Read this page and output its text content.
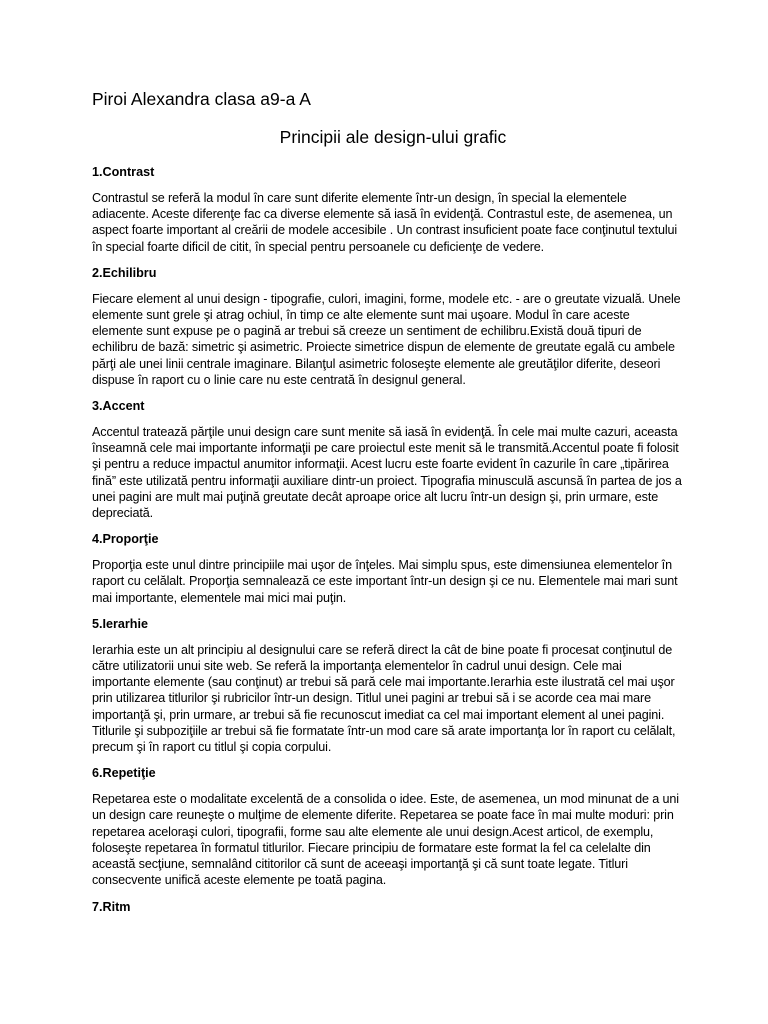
Piroi Alexandra clasa a9-a A
Principii ale design-ului grafic
1.Contrast
Contrastul se referă la modul în care sunt diferite elemente într-un design, în special la elementele adiacente. Aceste diferenţe fac ca diverse elemente să iasă în evidenţă. Contrastul este, de asemenea, un aspect foarte important al creării de modele accesibile . Un contrast insuficient poate face conţinutul textului în special foarte dificil de citit, în special pentru persoanele cu deficienţe de vedere.
2.Echilibru
Fiecare element al unui design - tipografie, culori, imagini, forme, modele etc. - are o greutate vizuală. Unele elemente sunt grele şi atrag ochiul, în timp ce alte elemente sunt mai uşoare. Modul în care aceste elemente sunt expuse pe o pagină ar trebui să creeze un sentiment de echilibru.Există două tipuri de echilibru de bază: simetric şi asimetric. Proiecte simetrice dispun de elemente de greutate egală cu ambele părţi ale unei linii centrale imaginare. Bilanţul asimetric foloseşte elemente ale greutăţilor diferite, deseori dispuse în raport cu o linie care nu este centrată în designul general.
3.Accent
Accentul tratează părţile unui design care sunt menite să iasă în evidenţă. În cele mai multe cazuri, aceasta înseamnă cele mai importante informaţii pe care proiectul este menit să le transmită.Accentul poate fi folosit şi pentru a reduce impactul anumitor informaţii. Acest lucru este foarte evident în cazurile în care „tipărirea fină” este utilizată pentru informaţii auxiliare dintr-un proiect. Tipografia minusculă ascunsă în partea de jos a unei pagini are mult mai puţină greutate decât aproape orice alt lucru într-un design şi, prin urmare, este depreciată.
4.Proporţie
Proporţia este unul dintre principiile mai uşor de înţeles. Mai simplu spus, este dimensiunea elementelor în raport cu celălalt. Proporţia semnalează ce este important într-un design şi ce nu. Elementele mai mari sunt mai importante, elementele mai mici mai puţin.
5.Ierarhie
Ierarhia este un alt principiu al designului care se referă direct la cât de bine poate fi procesat conţinutul de către utilizatorii unui site web. Se referă la importanţa elementelor în cadrul unui design. Cele mai importante elemente (sau conţinut) ar trebui să pară cele mai importante.Ierarhia este ilustrată cel mai uşor prin utilizarea titlurilor şi rubricilor într-un design. Titlul unei pagini ar trebui să i se acorde cea mai mare importanţă şi, prin urmare, ar trebui să fie recunoscut imediat ca cel mai important element al unei pagini. Titlurile şi subpoziţiile ar trebui să fie formatate într-un mod care să arate importanţa lor în raport cu celălalt, precum şi în raport cu titlul şi copia corpului.
6.Repetiţie
Repetarea este o modalitate excelentă de a consolida o idee. Este, de asemenea, un mod minunat de a uni un design care reuneşte o mulţime de elemente diferite. Repetarea se poate face în mai multe moduri: prin repetarea aceloraşi culori, tipografii, forme sau alte elemente ale unui design.Acest articol, de exemplu, foloseşte repetarea în formatul titlurilor. Fiecare principiu de formatare este format la fel ca celelalte din această secţiune, semnalând cititorilor că sunt de aceeaşi importanţă şi că sunt toate legate. Titluri consecvente unifică aceste elemente pe toată pagina.
7.Ritm
